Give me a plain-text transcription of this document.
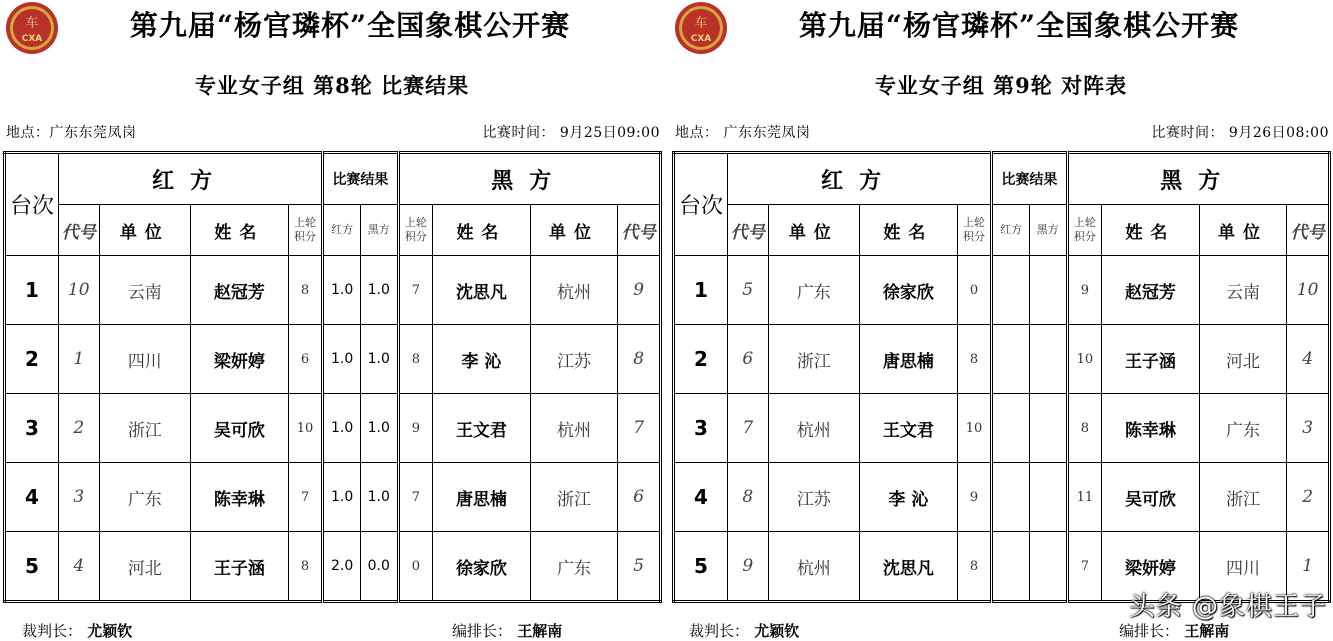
车
CXA	第九届“杨官璘杯”全国象棋公开赛
专业女子组 第8轮 比赛结果
地点：广东东莞凤岗	比赛时间： 9月25日09:00
台次	红方				比赛结果		黑方			
	代号	单位	姓名	上轮积分	红方	黑方	上轮积分	姓名	单位	代号
1	10	云南	赵冠芳	8	1.0	1.0	7	沈思凡	杭州	9
2	1	四川	梁妍婷	6	1.0	1.0	8	李 沁	江苏	8
3	2	浙江	吴可欣	10	1.0	1.0	9	王文君	杭州	7
4	3	广东	陈幸琳	7	1.0	1.0	7	唐思楠	浙江	6
5	4	河北	王子涵	8	2.0	0.0	0	徐家欣	广东	5
裁判长： 尤颖钦	编排长： 王解南
车
CXA	第九届“杨官璘杯”全国象棋公开赛
专业女子组 第9轮 对阵表
地点： 广东东莞凤岗	比赛时间： 9月26日08:00
台次	红方				比赛结果		黑方			
	代号	单位	姓名	上轮积分	红方	黑方	上轮积分	姓名	单位	代号
1	5	广东	徐家欣	0			9	赵冠芳	云南	10
2	6	浙江	唐思楠	8			10	王子涵	河北	4
3	7	杭州	王文君	10			8	陈幸琳	广东	3
4	8	江苏	李 沁	9			11	吴可欣	浙江	2
5	9	杭州	沈思凡	8			7	梁妍婷	四川	1
裁判长： 尤颖钦	编排长： 王解南
头条 @象棋王子
